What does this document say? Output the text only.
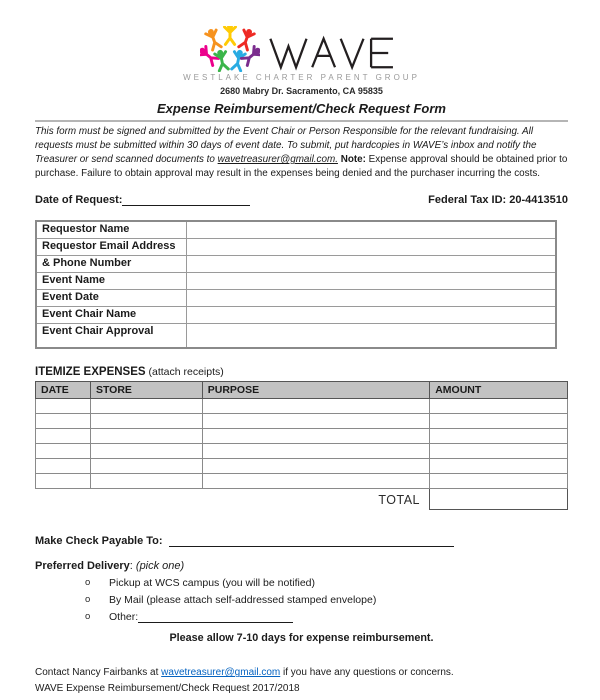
WESTLAKE CHARTER PARENT GROUP
2680 Mabry Dr. Sacramento, CA 95835
Expense Reimbursement/Check Request Form
This form must be signed and submitted by the Event Chair or Person Responsible for the relevant fundraising. All requests must be submitted within 30 days of event date. To submit, put hardcopies in WAVE’s inbox and notify the Treasurer or send scanned documents to wavetreasurer@gmail.com. Note: Expense approval should be obtained prior to purchase. Failure to obtain approval may result in the expenses being denied and the purchaser incurring the costs.
Date of Request:	Federal Tax ID: 20-4413510
Requestor Name	
Requestor Email Address	
& Phone Number	
Event Name	
Event Date	
Event Chair Name	
Event Chair Approval	
ITEMIZE EXPENSES (attach receipts)
DATE	STORE	PURPOSE	AMOUNT

TOTAL
Make Check Payable To:
Preferred Delivery: (pick one)
o	Pickup at WCS campus (you will be notified)
o	By Mail (please attach self-addressed stamped envelope)
o	Other:
Please allow 7-10 days for expense reimbursement.
Contact Nancy Fairbanks at wavetreasurer@gmail.com if you have any questions or concerns.
WAVE Expense Reimbursement/Check Request 2017/2018
